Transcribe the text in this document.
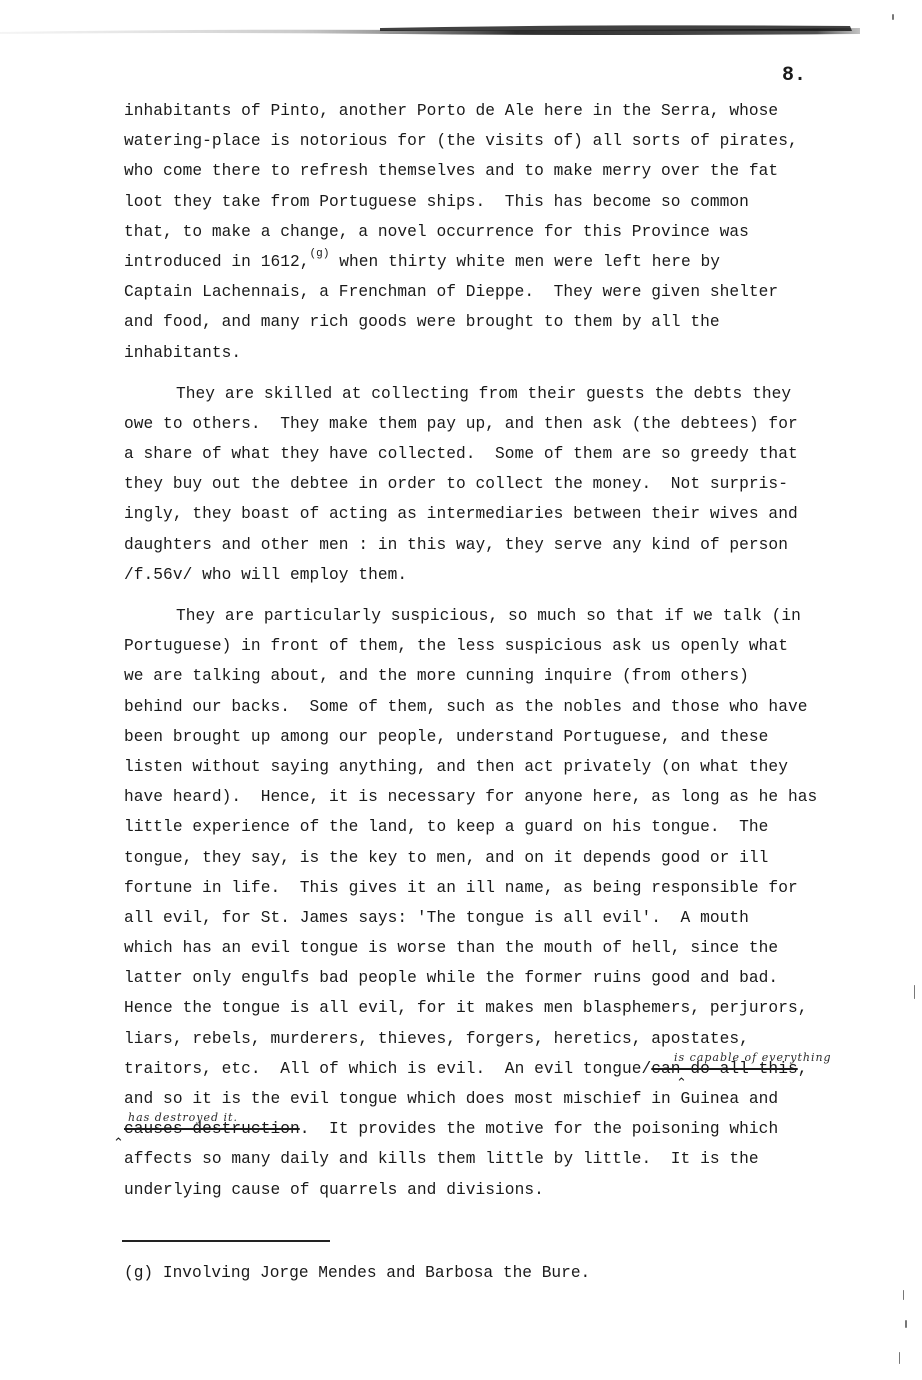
8.
inhabitants of Pinto, another Porto de Ale here in the Serra, whose
watering-place is notorious for (the visits of) all sorts of pirates,
who come there to refresh themselves and to make merry over the fat
loot they take from Portuguese ships.  This has become so common
that, to make a change, a novel occurrence for this Province was
introduced in 1612,$^{(g)}$ when thirty white men were left here by
Captain Lachennais, a Frenchman of Dieppe.  They were given shelter
and food, and many rich goods were brought to them by all the
inhabitants.
They are skilled at collecting from their guests the debts they
owe to others.  They make them pay up, and then ask (the debtees) for
a share of what they have collected.  Some of them are so greedy that
they buy out the debtee in order to collect the money.  Not surpris-
ingly, they boast of acting as intermediaries between their wives and
daughters and other men : in this way, they serve any kind of person
/f.56v/ who will employ them.
They are particularly suspicious, so much so that if we talk (in
Portuguese) in front of them, the less suspicious ask us openly what
we are talking about, and the more cunning inquire (from others)
behind our backs.  Some of them, such as the nobles and those who have
been brought up among our people, understand Portuguese, and these
listen without saying anything, and then act privately (on what they
have heard).  Hence, it is necessary for anyone here, as long as he has
little experience of the land, to keep a guard on his tongue.  The
tongue, they say, is the key to men, and on it depends good or ill
fortune in life.  This gives it an ill name, as being responsible for
all evil, for St. James says: 'The tongue is all evil'.  A mouth
which has an evil tongue is worse than the mouth of hell, since the
latter only engulfs bad people while the former ruins good and bad.
Hence the tongue is all evil, for it makes men blasphemers, perjurors,
liars, rebels, murderers, thieves, forgers, heretics, apostates,
traitors, etc.  All of which is evil.  An evil tongue/can do all this,
and so it is the evil tongue which does most mischief in Guinea and
causes destruction.  It provides the motive for the poisoning which
affects so many daily and kills them little by little.  It is the
underlying cause of quarrels and divisions.
is capable of everything
⌃
has destroyed it.
⌃
(g) Involving Jorge Mendes and Barbosa the Bure.
